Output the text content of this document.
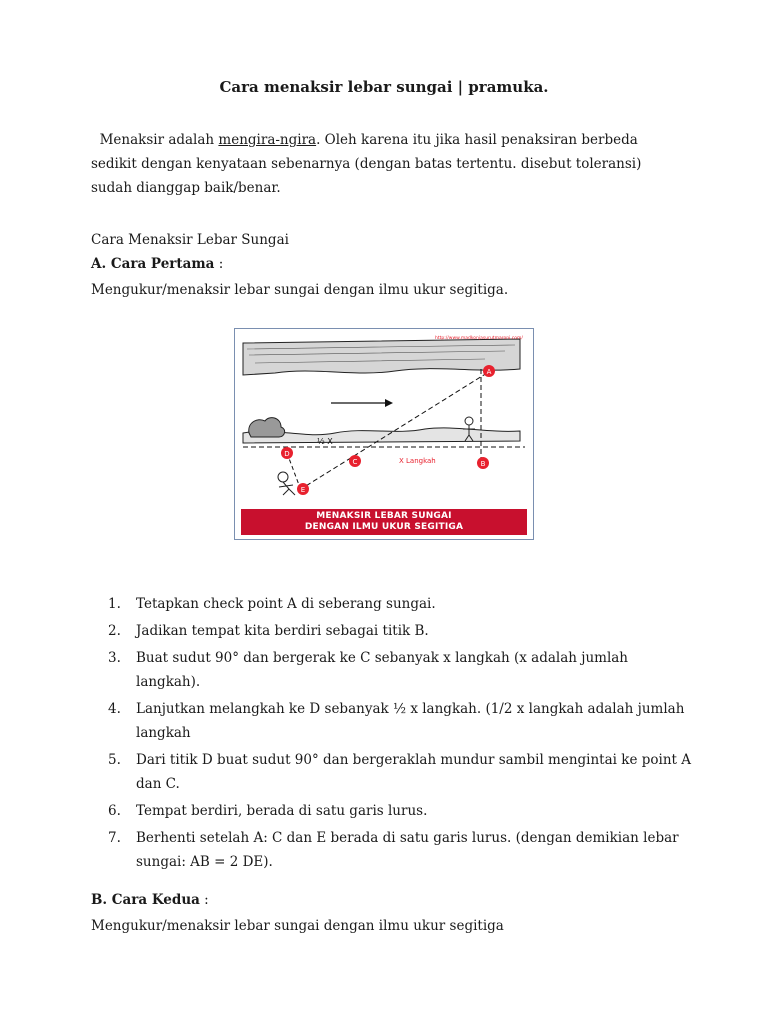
Cara menaksir lebar sungai | pramuka.
Menaksir adalah mengira-ngira. Oleh karena itu jika hasil penaksiran berbeda sedikit dengan kenyataan sebenarnya (dengan batas tertentu. disebut toleransi) sudah dianggap baik/benar.
Cara Menaksir Lebar Sungai
A. Cara Pertama :
Mengukur/menaksir lebar sungai dengan ilmu ukur segitiga.
http://www.madkonjasurutmaroni.com/
½ X
X Langkah
A
B
C
D
E
MENAKSIR LEBAR SUNGAI
DENGAN ILMU UKUR SEGITIGA
1. Tetapkan check point A di seberang sungai.
2. Jadikan tempat kita berdiri sebagai titik B.
3. Buat sudut 90° dan bergerak ke C sebanyak x langkah (x adalah jumlah langkah).
4. Lanjutkan melangkah ke D sebanyak ½ x langkah. (1/2 x langkah adalah jumlah langkah
5. Dari titik D buat sudut 90° dan bergeraklah mundur sambil mengintai ke point A dan C.
6. Tempat berdiri, berada di satu garis lurus.
7. Berhenti setelah A: C dan E berada di satu garis lurus. (dengan demikian lebar sungai: AB = 2 DE).
B. Cara Kedua :
Mengukur/menaksir lebar sungai dengan ilmu ukur segitiga
